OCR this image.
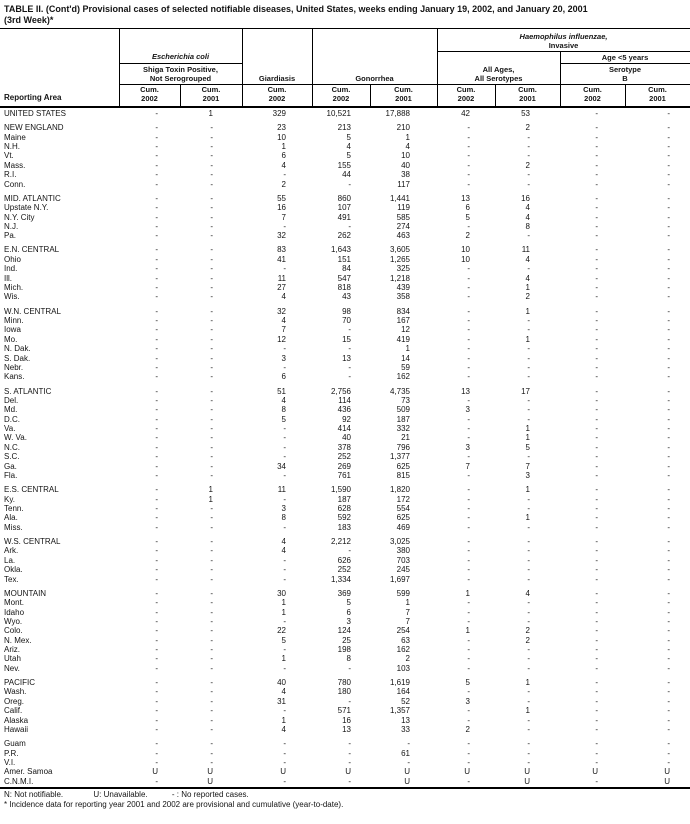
TABLE II. (Cont'd) Provisional cases of selected notifiable diseases, United States, weeks ending January 19, 2002, and January 20, 2001
(3rd Week)*
Escherichia coli
Shiga Toxin Positive,
Not Serogrouped	Giardiasis	Gonorrhea
Haemophilus influenzae,
Invasive
All Ages,
All Serotypes
Age <5 years
Serotype
B
Reporting Area
Cum.
2002
Cum.
2001
Cum.
2002
Cum.
2002
Cum.
2001
Cum.
2002
Cum.
2001
Cum.
2002
Cum.
2001
UNITED STATES	-	1	329	10,521	17,888	42	53	-	-
NEW ENGLAND	-	-	23	213	210	-	2	-	-
Maine	-	-	10	5	1	-	-	-	-
N.H.	-	-	1	4	4	-	-	-	-
Vt.	-	-	6	5	10	-	-	-	-
Mass.	-	-	4	155	40	-	2	-	-
R.I.	-	-	-	44	38	-	-	-	-
Conn.	-	-	2	-	117	-	-	-	-
MID. ATLANTIC	-	-	55	860	1,441	13	16	-	-
Upstate N.Y.	-	-	16	107	119	6	4	-	-
N.Y. City	-	-	7	491	585	5	4	-	-
N.J.	-	-	-	-	274	-	8	-	-
Pa.	-	-	32	262	463	2	-	-	-
E.N. CENTRAL	-	-	83	1,643	3,605	10	11	-	-
Ohio	-	-	41	151	1,265	10	4	-	-
Ind.	-	-	-	84	325	-	-	-	-
Ill.	-	-	11	547	1,218	-	4	-	-
Mich.	-	-	27	818	439	-	1	-	-
Wis.	-	-	4	43	358	-	2	-	-
W.N. CENTRAL	-	-	32	98	834	-	1	-	-
Minn.	-	-	4	70	167	-	-	-	-
Iowa	-	-	7	-	12	-	-	-	-
Mo.	-	-	12	15	419	-	1	-	-
N. Dak.	-	-	-	-	1	-	-	-	-
S. Dak.	-	-	3	13	14	-	-	-	-
Nebr.	-	-	-	-	59	-	-	-	-
Kans.	-	-	6	-	162	-	-	-	-
S. ATLANTIC	-	-	51	2,756	4,735	13	17	-	-
Del.	-	-	4	114	73	-	-	-	-
Md.	-	-	8	436	509	3	-	-	-
D.C.	-	-	5	92	187	-	-	-	-
Va.	-	-	-	414	332	-	1	-	-
W. Va.	-	-	-	40	21	-	1	-	-
N.C.	-	-	-	378	796	3	5	-	-
S.C.	-	-	-	252	1,377	-	-	-	-
Ga.	-	-	34	269	625	7	7	-	-
Fla.	-	-	-	761	815	-	3	-	-
E.S. CENTRAL	-	1	11	1,590	1,820	-	1	-	-
Ky.	-	1	-	187	172	-	-	-	-
Tenn.	-	-	3	628	554	-	-	-	-
Ala.	-	-	8	592	625	-	1	-	-
Miss.	-	-	-	183	469	-	-	-	-
W.S. CENTRAL	-	-	4	2,212	3,025	-	-	-	-
Ark.	-	-	4	-	380	-	-	-	-
La.	-	-	-	626	703	-	-	-	-
Okla.	-	-	-	252	245	-	-	-	-
Tex.	-	-	-	1,334	1,697	-	-	-	-
MOUNTAIN	-	-	30	369	599	1	4	-	-
Mont.	-	-	1	5	1	-	-	-	-
Idaho	-	-	1	6	7	-	-	-	-
Wyo.	-	-	-	3	7	-	-	-	-
Colo.	-	-	22	124	254	1	2	-	-
N. Mex.	-	-	5	25	63	-	2	-	-
Ariz.	-	-	-	198	162	-	-	-	-
Utah	-	-	1	8	2	-	-	-	-
Nev.	-	-	-	-	103	-	-	-	-
PACIFIC	-	-	40	780	1,619	5	1	-	-
Wash.	-	-	4	180	164	-	-	-	-
Oreg.	-	-	31	-	52	3	-	-	-
Calif.	-	-	-	571	1,357	-	1	-	-
Alaska	-	-	1	16	13	-	-	-	-
Hawaii	-	-	4	13	33	2	-	-	-
Guam	-	-	-	-	-	-	-	-	-
P.R.	-	-	-	-	61	-	-	-	-
V.I.	-	-	-	-	-	-	-	-	-
Amer. Samoa	U	U	U	U	U	U	U	U	U
C.N.M.I.	-	U	-	-	U	-	U	-	U
N: Not notifiable.	U: Unavailable.	- : No reported cases.
* Incidence data for reporting year 2001 and 2002 are provisional and cumulative (year-to-date).
